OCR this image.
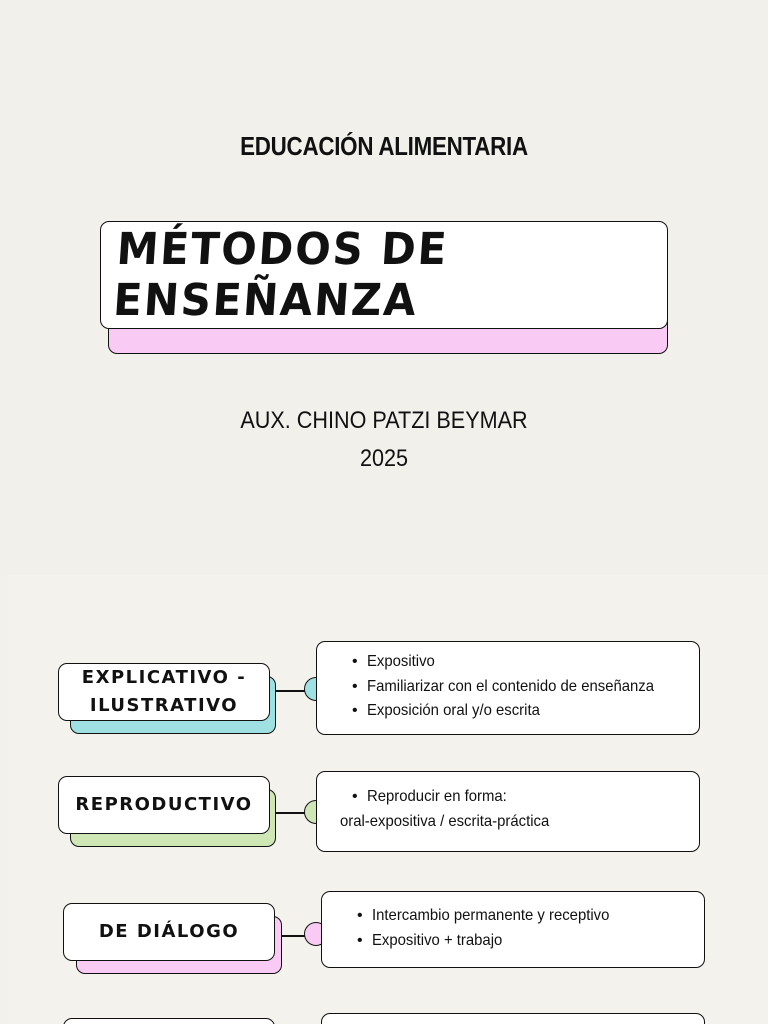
EDUCACIÓN ALIMENTARIA
MÉTODOS DE ENSEÑANZA
AUX. CHINO PATZI BEYMAR
2025
EXPLICATIVO -
ILUSTRATIVO
• Expositivo
• Familiarizar con el contenido de enseñanza
• Exposición oral y/o escrita
REPRODUCTIVO
•	Reproducir en forma:
oral-expositiva / escrita-práctica
DE DIÁLOGO
• Intercambio permanente y receptivo
• Expositivo + trabajo
